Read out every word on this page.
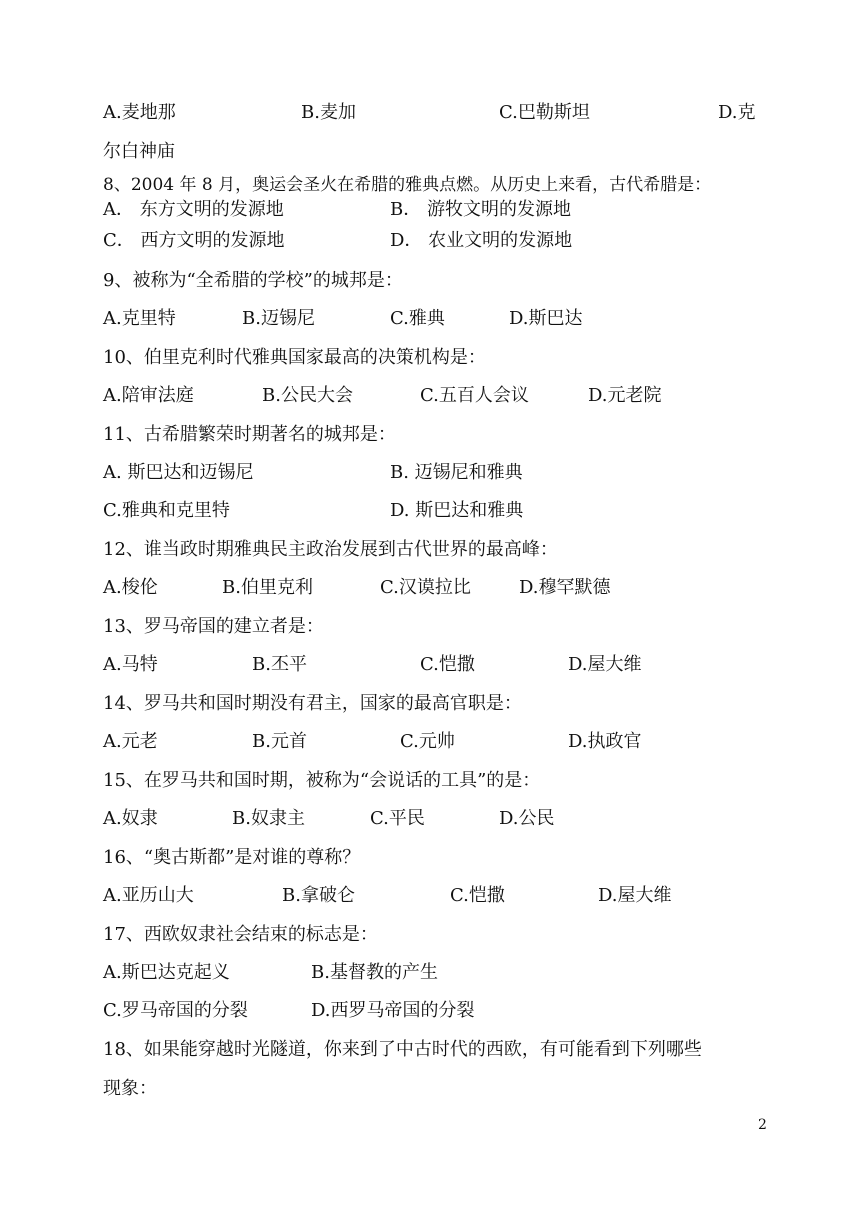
A.麦地那	B.麦加	C.巴勒斯坦	D.克
尔白神庙
8、2004 年 8 月，奥运会圣火在希腊的雅典点燃。从历史上来看，古代希腊是：
A． 东方文明的发源地	B． 游牧文明的发源地
C． 西方文明的发源地	D． 农业文明的发源地
9、被称为“全希腊的学校”的城邦是：
A.克里特	B.迈锡尼	C.雅典	D.斯巴达
10、伯里克利时代雅典国家最高的决策机构是：
A.陪审法庭	B.公民大会	C.五百人会议	D.元老院
11、古希腊繁荣时期著名的城邦是：
A. 斯巴达和迈锡尼	B. 迈锡尼和雅典
C.雅典和克里特	D. 斯巴达和雅典
12、谁当政时期雅典民主政治发展到古代世界的最高峰：
A.梭伦	B.伯里克利	C.汉谟拉比	D.穆罕默德
13、罗马帝国的建立者是：
A.马特	B.丕平	C.恺撒	D.屋大维
14、罗马共和国时期没有君主，国家的最高官职是：
A.元老	B.元首	C.元帅	D.执政官
15、在罗马共和国时期，被称为“会说话的工具”的是：
A.奴隶	B.奴隶主	C.平民	D.公民
16、“奥古斯都”是对谁的尊称？
A.亚历山大	B.拿破仑	C.恺撒	D.屋大维
17、西欧奴隶社会结束的标志是：
A.斯巴达克起义	B.基督教的产生
C.罗马帝国的分裂	D.西罗马帝国的分裂
18、如果能穿越时光隧道，你来到了中古时代的西欧，有可能看到下列哪些
现象：
2
